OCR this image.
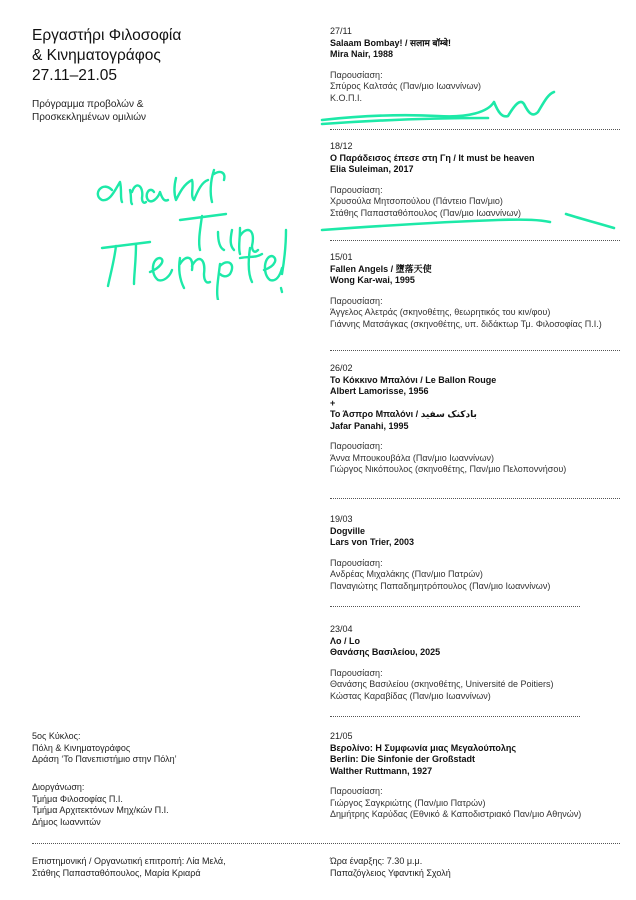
Εργαστήρι Φιλοσοφία
& Κινηματογράφος
27.11–21.05
Πρόγραμμα προβολών &
Προσκεκλημένων ομιλιών
27/11
Salaam Bombay! / सलाम बॉम्बे!
Mira Nair, 1988
Παρουσίαση:
Σπύρος Καλτσάς (Παν/μιο Ιωαννίνων)
Κ.Ο.Π.Ι.
18/12
Ο Παράδεισος έπεσε στη Γη / It must be heaven
Elia Suleiman, 2017
Παρουσίαση:
Χρυσούλα Μητσοπούλου (Πάντειο Παν/μιο)
Στάθης Παπασταθόπουλος (Παν/μιο Ιωαννίνων)
15/01
Fallen Angels / 墮落天使
Wong Kar-wai, 1995
Παρουσίαση:
Άγγελος Αλετράς (σκηνοθέτης, θεωρητικός του κιν/φου)
Γιάννης Ματσάγκας (σκηνοθέτης, υπ. διδάκτωρ Τμ. Φιλοσοφίας Π.Ι.)
26/02
Το Κόκκινο Μπαλόνι / Le Ballon Rouge
Albert Lamorisse, 1956
+
Το Άσπρο Μπαλόνι / بادکنک سفید
Jafar Panahi, 1995
Παρουσίαση:
Άννα Μπουκουβάλα (Παν/μιο Ιωαννίνων)
Γιώργος Νικόπουλος (σκηνοθέτης, Παν/μιο Πελοποννήσου)
19/03
Dogville
Lars von Trier, 2003
Παρουσίαση:
Ανδρέας Μιχαλάκης (Παν/μιο Πατρών)
Παναγιώτης Παπαδημητρόπουλος (Παν/μιο Ιωαννίνων)
23/04
Λο / Lo
Θανάσης Βασιλείου, 2025
Παρουσίαση:
Θανάσης Βασιλείου (σκηνοθέτης, Université de Poitiers)
Κώστας Καραβίδας (Παν/μιο Ιωαννίνων)
21/05
Βερολίνο: Η Συμφωνία μιας Μεγαλούπολης
Berlin: Die Sinfonie der Großstadt
Walther Ruttmann, 1927
Παρουσίαση:
Γιώργος Σαγκριώτης (Παν/μιο Πατρών)
Δημήτρης Καρύδας (Εθνικό & Καποδιστριακό Παν/μιο Αθηνών)
5ος Κύκλος:
Πόλη & Κινηματογράφος
Δράση ‘Το Πανεπιστήμιο στην Πόλη’
Διοργάνωση:
Τμήμα Φιλοσοφίας Π.Ι.
Τμήμα Αρχιτεκτόνων Μηχ/κών Π.Ι.
Δήμος Ιωαννιτών
Επιστημονική / Οργανωτική επιτροπή: Λία Μελά,
Στάθης Παπασταθόπουλος, Μαρία Κριαρά
Ώρα έναρξης: 7.30 μ.μ.
Παπαζόγλειος Υφαντική Σχολή
